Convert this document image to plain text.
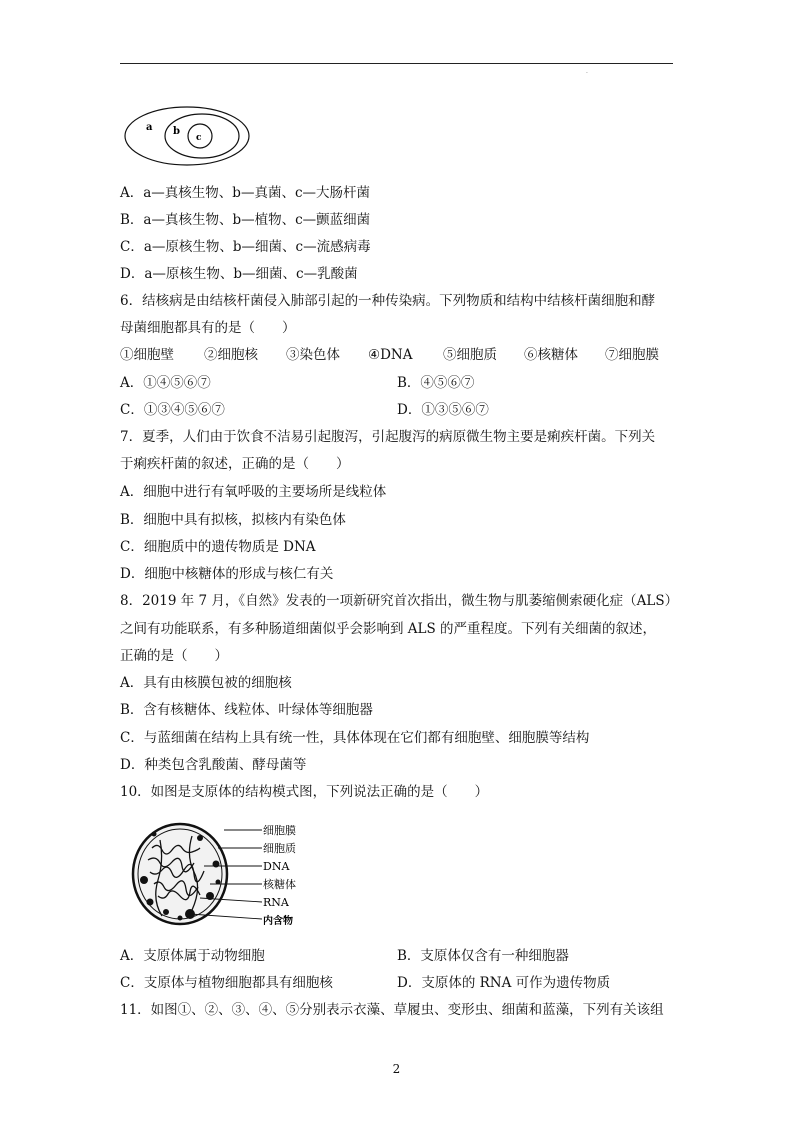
·
a b
c
A．a—真核生物、b—真菌、c—大肠杆菌
B．a—真核生物、b—植物、c—颤蓝细菌
C．a—原核生物、b—细菌、c—流感病毒
D．a—原核生物、b—细菌、c—乳酸菌
6．结核病是由结核杆菌侵入肺部引起的一种传染病。下列物质和结构中结核杆菌细胞和酵
母菌细胞都具有的是（　　）
①细胞壁 ②细胞核 ③染色体 ④DNA ⑤细胞质 ⑥核糖体 ⑦细胞膜
A．①④⑤⑥⑦	B．④⑤⑥⑦
C．①③④⑤⑥⑦	D．①③⑤⑥⑦
7．夏季，人们由于饮食不洁易引起腹泻，引起腹泻的病原微生物主要是痢疾杆菌。下列关
于痢疾杆菌的叙述，正确的是（　　）
A．细胞中进行有氧呼吸的主要场所是线粒体
B．细胞中具有拟核，拟核内有染色体
C．细胞质中的遗传物质是 DNA
D．细胞中核糖体的形成与核仁有关
8．2019 年 7 月，《自然》发表的一项新研究首次指出，微生物与肌萎缩侧索硬化症（ALS）
之间有功能联系，有多种肠道细菌似乎会影响到 ALS 的严重程度。下列有关细菌的叙述，
正确的是（　　）
A．具有由核膜包被的细胞核
B．含有核糖体、线粒体、叶绿体等细胞器
C．与蓝细菌在结构上具有统一性，具体体现在它们都有细胞壁、细胞膜等结构
D．种类包含乳酸菌、酵母菌等
10．如图是支原体的结构模式图，下列说法正确的是（　　）
细胞膜
细胞质
DNA
核糖体
RNA
内含物
A．支原体属于动物细胞	B．支原体仅含有一种细胞器
C．支原体与植物细胞都具有细胞核	D．支原体的 RNA 可作为遗传物质
11．如图①、②、③、④、⑤分别表示衣藻、草履虫、变形虫、细菌和蓝藻，下列有关该组
2
